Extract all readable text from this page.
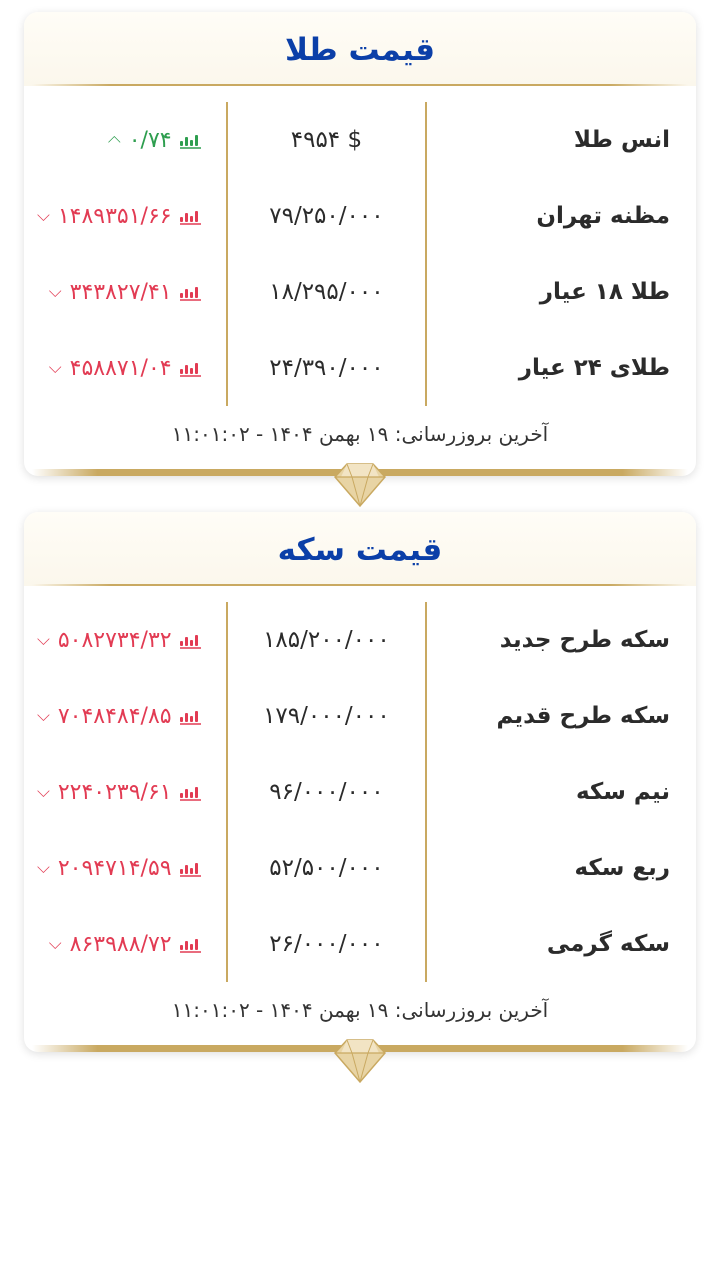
قیمت طلا
انس طلا
۴۹۵۴ $
۰/۷۴
⌵
مظنه تهران
۷۹/۲۵۰/۰۰۰
۱۴۸۹۳۵۱/۶۶
⌵
طلا ۱۸ عیار
۱۸/۲۹۵/۰۰۰
۳۴۳۸۲۷/۴۱
⌵
طلای ۲۴ عیار
۲۴/۳۹۰/۰۰۰
۴۵۸۸۷۱/۰۴
⌵
آخرین بروزرسانی: ۱۹ بهمن ۱۴۰۴ - ۱۱:۰۱:۰۲
قیمت سکه
سکه طرح جدید
۱۸۵/۲۰۰/۰۰۰
۵۰۸۲۷۳۴/۳۲
⌵
سکه طرح قدیم
۱۷۹/۰۰۰/۰۰۰
۷۰۴۸۴۸۴/۸۵
⌵
نیم سکه
۹۶/۰۰۰/۰۰۰
۲۲۴۰۲۳۹/۶۱
⌵
ربع سکه
۵۲/۵۰۰/۰۰۰
۲۰۹۴۷۱۴/۵۹
⌵
سکه گرمی
۲۶/۰۰۰/۰۰۰
۸۶۳۹۸۸/۷۲
⌵
آخرین بروزرسانی: ۱۹ بهمن ۱۴۰۴ - ۱۱:۰۱:۰۲
